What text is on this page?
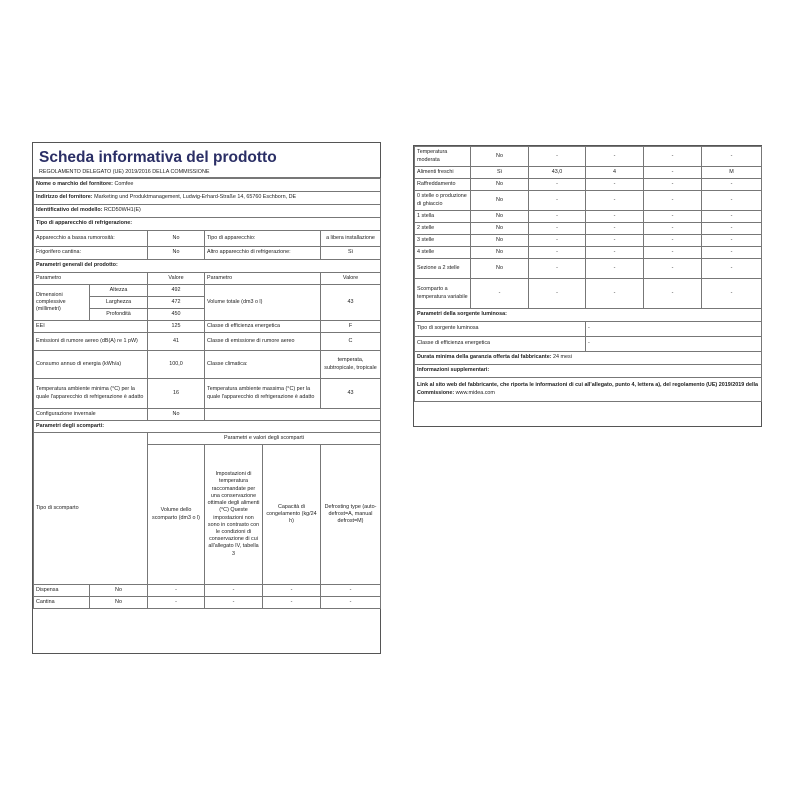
Scheda informativa del prodotto
REGOLAMENTO DELEGATO (UE) 2019/2016 DELLA COMMISSIONE
Nome o marchio del fornitore: Comfee					
Indirizzo del fornitore: Marketing und Produktmanagement, Ludwig-Erhard-Straße 14, 65760 Eschborn, DE					
Identificativo del modello: RCD50WH1(E)					
Tipo di apparecchio di refrigerazione:					
Apparecchio a bassa rumorosità:		No	Tipo di apparecchio:		a libera installazione
Frigorifero cantina:		No	Altro apparecchio di refrigerazione:		Sì
Parametri generali del prodotto:					
Parametro		Valore	Parametro		Valore
Dimensioni complessive (millimetri)	Altezza	492	Volume totale (dm3 o l)		43
	Larghezza	472			
	Profondità	450			
EEI		125	Classe di efficienza energetica		F
Emissioni di rumore aereo (dB(A) re 1 pW)		41	Classe di emissione di rumore aereo		C
Consumo annuo di energia (kWh/a)		100,0	Classe climatica:		temperata, subtropicale, tropicale
Temperatura ambiente minima (°C) per la quale l'apparecchio di refrigerazione è adatto		16	Temperatura ambiente massima (°C) per la quale l'apparecchio di refrigerazione è adatto		43
Configurazione invernale		No			
Parametri degli scomparti:					
Tipo di scomparto		Parametri e valori degli scomparti			
		Volume dello scomparto (dm3 o l)	Impostazioni di temperatura raccomandate per una conservazione ottimale degli alimenti (°C) Queste impostazioni non sono in contrasto con le condizioni di conservazione di cui all'allegato IV, tabella 3	Capacità di congelamento (kg/24 h)	Defrosting type (auto-defrost=A, manual defrost=M)
Dispensa	No	-	-	-	-
Cantina	No	-	-	-	-
Temperatura moderata	No	-	-	-	-
Alimenti freschi	Sì	43,0	4	-	M
Raffreddamento	No	-	-	-	-
0 stelle o produzione di ghiaccio	No	-	-	-	-
1 stella	No	-	-	-	-
2 stelle	No	-	-	-	-
3 stelle	No	-	-	-	-
4 stelle	No	-	-	-	-
Sezione a 2 stelle	No	-	-	-	-
Scomparto a temperatura variabile	-	-	-	-	-
Parametri della sorgente luminosa:					
Tipo di sorgente luminosa			-		
Classe di efficienza energetica			-		
Durata minima della garanzia offerta dal fabbricante: 24 mesi					
Informazioni supplementari:					
Link al sito web del fabbricante, che riporta le informazioni di cui all'allegato, punto 4, lettera a), del regolamento (UE) 2019/2019 della Commissione: www.midea.com					
